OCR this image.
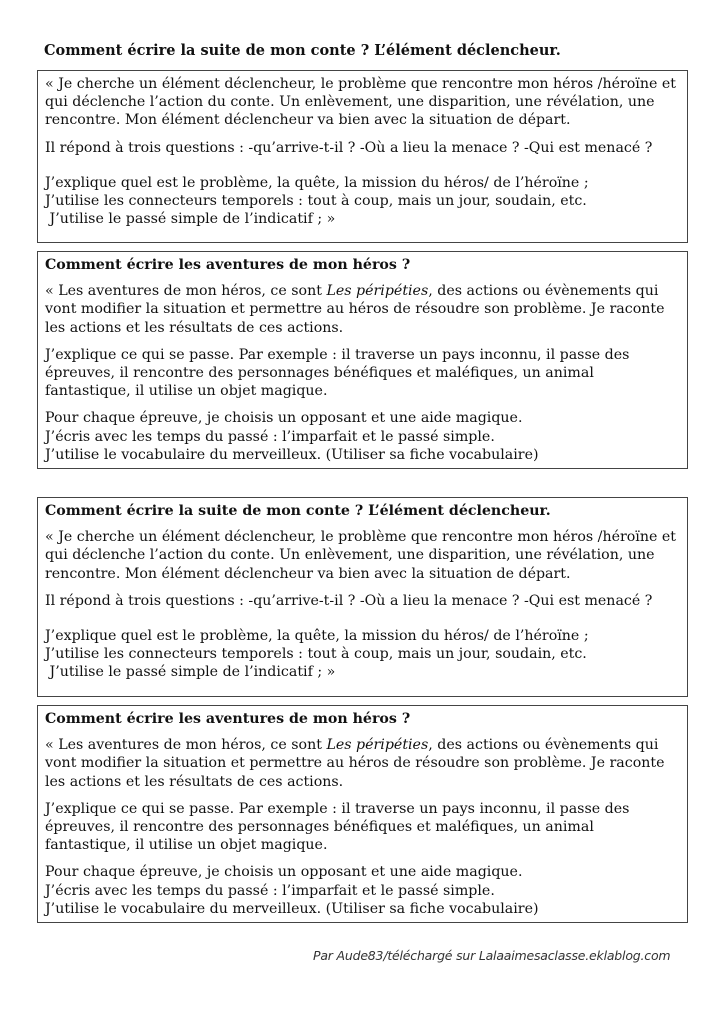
Comment écrire la suite de mon conte ? L’élément déclencheur.

« Je cherche un élément déclencheur, le problème que rencontre mon héros /héroïne et qui déclenche l’action du conte. Un enlèvement, une disparition, une révélation, une rencontre. Mon élément déclencheur va bien avec la situation de départ.

Il répond à trois questions : -qu’arrive-t-il ? -Où a lieu la menace ? -Qui est menacé ?

J’explique quel est le problème, la quête, la mission du héros/ de l’héroïne ;

J’utilise les connecteurs temporels : tout à coup, mais un jour, soudain, etc.

J’utilise le passé simple de l’indicatif ; »

Comment écrire les aventures de mon héros ?

« Les aventures de mon héros, ce sont Les péripéties, des actions ou évènements qui vont modifier la situation et permettre au héros de résoudre son problème. Je raconte les actions et les résultats de ces actions.

J’explique ce qui se passe. Par exemple : il traverse un pays inconnu, il passe des épreuves, il rencontre des personnages bénéfiques et maléfiques, un animal fantastique, il utilise un objet magique.

Pour chaque épreuve, je choisis un opposant et une aide magique.

J’écris avec les temps du passé : l’imparfait et le passé simple.

J’utilise le vocabulaire du merveilleux. (Utiliser sa fiche vocabulaire)

Comment écrire la suite de mon conte ? L’élément déclencheur.

« Je cherche un élément déclencheur, le problème que rencontre mon héros /héroïne et qui déclenche l’action du conte. Un enlèvement, une disparition, une révélation, une rencontre. Mon élément déclencheur va bien avec la situation de départ.

Il répond à trois questions : -qu’arrive-t-il ? -Où a lieu la menace ? -Qui est menacé ?

J’explique quel est le problème, la quête, la mission du héros/ de l’héroïne ;

J’utilise les connecteurs temporels : tout à coup, mais un jour, soudain, etc.

J’utilise le passé simple de l’indicatif ; »

Comment écrire les aventures de mon héros ?

« Les aventures de mon héros, ce sont Les péripéties, des actions ou évènements qui vont modifier la situation et permettre au héros de résoudre son problème. Je raconte les actions et les résultats de ces actions.

J’explique ce qui se passe. Par exemple : il traverse un pays inconnu, il passe des épreuves, il rencontre des personnages bénéfiques et maléfiques, un animal fantastique, il utilise un objet magique.

Pour chaque épreuve, je choisis un opposant et une aide magique.

J’écris avec les temps du passé : l’imparfait et le passé simple.

J’utilise le vocabulaire du merveilleux. (Utiliser sa fiche vocabulaire)

Par Aude83/téléchargé sur Lalaaimesaclasse.eklablog.com
